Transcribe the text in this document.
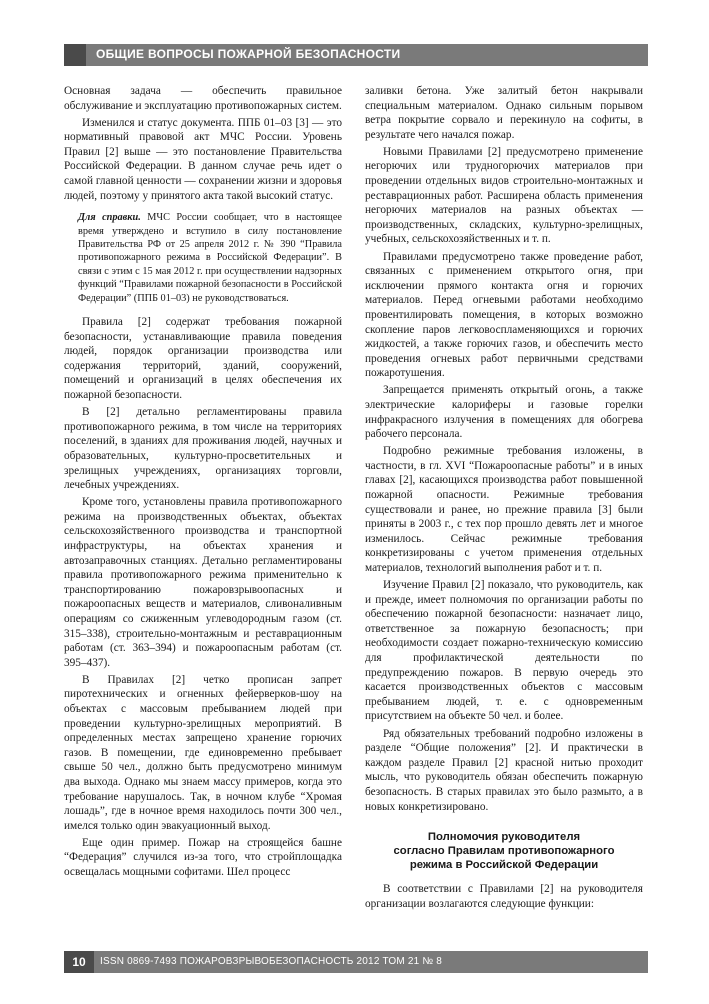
ОБЩИЕ ВОПРОСЫ ПОЖАРНОЙ БЕЗОПАСНОСТИ

Основная задача — обеспечить правильное обслуживание и эксплуатацию противопожарных систем.

Изменился и статус документа. ППБ 01–03 [3] — это нормативный правовой акт МЧС России. Уровень Правил [2] выше — это постановление Правительства Российской Федерации. В данном случае речь идет о самой главной ценности — сохранении жизни и здоровья людей, поэтому у принятого акта такой высокий статус.

Для справки. МЧС России сообщает, что в настоящее время утверждено и вступило в силу постановление Правительства РФ от 25 апреля 2012 г. № 390 “Правила противопожарного режима в Российской Федерации”. В связи с этим с 15 мая 2012 г. при осуществлении надзорных функций “Правилами пожарной безопасности в Российской Федерации” (ППБ 01–03) не руководствоваться.

Правила [2] содержат требования пожарной безопасности, устанавливающие правила поведения людей, порядок организации производства или содержания территорий, зданий, сооружений, помещений и организаций в целях обеспечения их пожарной безопасности.

В [2] детально регламентированы правила противопожарного режима, в том числе на территориях поселений, в зданиях для проживания людей, научных и образовательных, культурно-просветительных и зрелищных учреждениях, организациях торговли, лечебных учреждениях.

Кроме того, установлены правила противопожарного режима на производственных объектах, объектах сельскохозяйственного производства и транспортной инфраструктуры, на объектах хранения и автозаправочных станциях. Детально регламентированы правила противопожарного режима применительно к транспортированию пожаровзрывоопасных и пожароопасных веществ и материалов, сливоналивным операциям со сжиженным углеводородным газом (ст. 315–338), строительно-монтажным и реставрационным работам (ст. 363–394) и пожароопасным работам (ст. 395–437).

В Правилах [2] четко прописан запрет пиротехнических и огненных фейерверков-шоу на объектах с массовым пребыванием людей при проведении культурно-зрелищных мероприятий. В определенных местах запрещено хранение горючих газов. В помещении, где единовременно пребывает свыше 50 чел., должно быть предусмотрено минимум два выхода. Однако мы знаем массу примеров, когда это требование нарушалось. Так, в ночном клубе “Хромая лошадь”, где в ночное время находилось почти 300 чел., имелся только один эвакуационный выход.

Еще один пример. Пожар на строящейся башне “Федерация” случился из-за того, что стройплощадка освещалась мощными софитами. Шел процесс

заливки бетона. Уже залитый бетон накрывали специальным материалом. Однако сильным порывом ветра покрытие сорвало и перекинуло на софиты, в результате чего начался пожар.

Новыми Правилами [2] предусмотрено применение негорючих или трудногорючих материалов при проведении отдельных видов строительно-монтажных и реставрационных работ. Расширена область применения негорючих материалов на разных объектах — производственных, складских, культурно-зрелищных, учебных, сельскохозяйственных и т. п.

Правилами предусмотрено также проведение работ, связанных с применением открытого огня, при исключении прямого контакта огня и горючих материалов. Перед огневыми работами необходимо провентилировать помещения, в которых возможно скопление паров легковоспламеняющихся и горючих жидкостей, а также горючих газов, и обеспечить место проведения огневых работ первичными средствами пожаротушения.

Запрещается применять открытый огонь, а также электрические калориферы и газовые горелки инфракрасного излучения в помещениях для обогрева рабочего персонала.

Подробно режимные требования изложены, в частности, в гл. XVI “Пожароопасные работы” и в иных главах [2], касающихся производства работ повышенной пожарной опасности. Режимные требования существовали и ранее, но прежние правила [3] были приняты в 2003 г., с тех пор прошло девять лет и многое изменилось. Сейчас режимные требования конкретизированы с учетом применения отдельных материалов, технологий выполнения работ и т. п.

Изучение Правил [2] показало, что руководитель, как и прежде, имеет полномочия по организации работы по обеспечению пожарной безопасности: назначает лицо, ответственное за пожарную безопасность; при необходимости создает пожарно-техническую комиссию для профилактической деятельности по предупреждению пожаров. В первую очередь это касается производственных объектов с массовым пребыванием людей, т. е. с одновременным присутствием на объекте 50 чел. и более.

Ряд обязательных требований подробно изложены в разделе “Общие положения” [2]. И практически в каждом разделе Правил [2] красной нитью проходит мысль, что руководитель обязан обеспечить пожарную безопасность. В старых правилах это было размыто, а в новых конкретизировано.

Полномочия руководителя
согласно Правилам противопожарного
режима в Российской Федерации

В соответствии с Правилами [2] на руководителя организации возлагаются следующие функции:

10	ISSN 0869-7493 ПОЖАРОВЗРЫВОБЕЗОПАСНОСТЬ 2012 ТОМ 21 № 8
